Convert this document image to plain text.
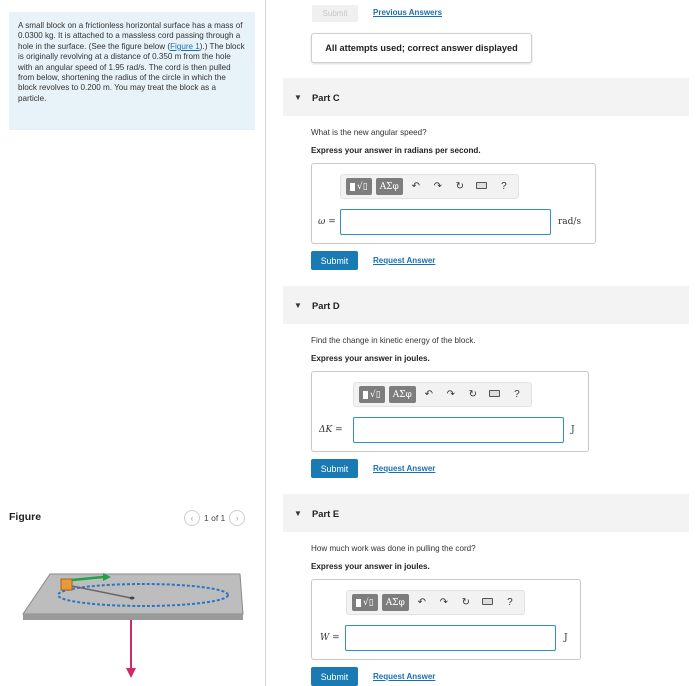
A small block on a frictionless horizontal surface has a mass of 0.0300 kg. It is attached to a massless cord passing through a hole in the surface. (See the figure below (Figure 1).) The block is originally revolving at a distance of 0.350 m from the hole with an angular speed of 1.95 rad/s. The cord is then pulled from below, shortening the radius of the circle in which the block revolves to 0.200 m. You may treat the block as a particle.
Figure	‹ 1 of 1 ›
Submit	Previous Answers
All attempts used; correct answer displayed
▼	Part C
What is the new angular speed?
Express your answer in radians per second.
√▯	ΑΣφ	↶	↷	↻	?
ω =	rad/s
Submit	Request Answer
▼	Part D
Find the change in kinetic energy of the block.
Express your answer in joules.
√▯	ΑΣφ	↶	↷	↻	?
ΔK =	J
Submit	Request Answer
▼	Part E
How much work was done in pulling the cord?
Express your answer in joules.
√▯	ΑΣφ	↶	↷	↻	?
W =	J
Submit	Request Answer
